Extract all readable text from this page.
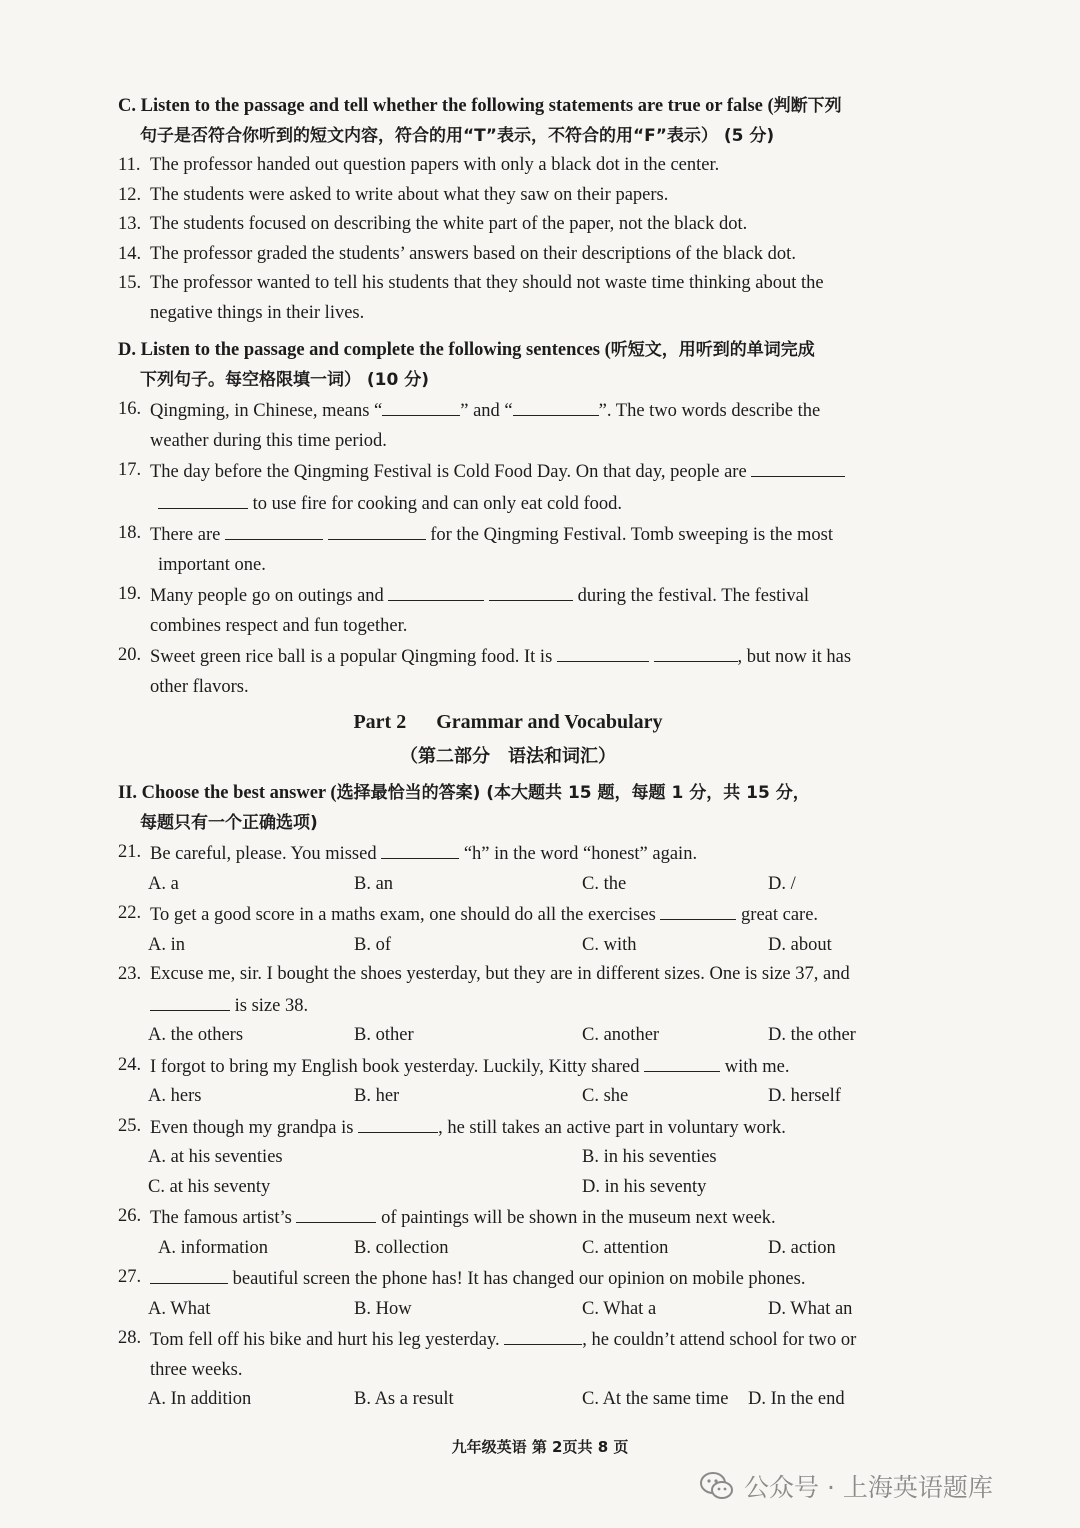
C. Listen to the passage and tell whether the following statements are true or false (判断下列
句子是否符合你听到的短文内容，符合的用“T”表示，不符合的用“F”表示） (5 分)
11. The professor handed out question papers with only a black dot in the center.
12. The students were asked to write about what they saw on their papers.
13. The students focused on describing the white part of the paper, not the black dot.
14. The professor graded the students’ answers based on their descriptions of the black dot.
15. The professor wanted to tell his students that they should not waste time thinking about the
negative things in their lives.
D. Listen to the passage and complete the following sentences (听短文，用听到的单词完成
下列句子。每空格限填一词） (10 分)
16. Qingming, in Chinese, means “	” and “	”. The two words describe the
weather during this time period.
17. The day before the Qingming Festival is Cold Food Day. On that day, people are
to use fire for cooking and can only eat cold food.
18. There are	for the Qingming Festival. Tomb sweeping is the most
important one.
19. Many people go on outings and	during the festival. The festival
combines respect and fun together.
20. Sweet green rice ball is a popular Qingming food. It is	, but now it has
other flavors.
Part 2 Grammar and Vocabulary
（第二部分　语法和词汇）
II. Choose the best answer (选择最恰当的答案) (本大题共 15 题，每题 1 分，共 15 分，
每题只有一个正确选项)
21. Be careful, please. You missed	“h” in the word “honest” again.
A. a	B. an	C. the	D. /
22. To get a good score in a maths exam, one should do all the exercises	great care.
A. in	B. of	C. with	D. about
23. Excuse me, sir. I bought the shoes yesterday, but they are in different sizes. One is size 37, and
is size 38.
A. the others	B. other	C. another	D. the other
24. I forgot to bring my English book yesterday. Luckily, Kitty shared	with me.
A. hers	B. her	C. she	D. herself
25. Even though my grandpa is	, he still takes an active part in voluntary work.
A. at his seventies	B. in his seventies
C. at his seventy	D. in his seventy
26. The famous artist’s	of paintings will be shown in the museum next week.
A. information	B. collection	C. attention	D. action
27.	beautiful screen the phone has! It has changed our opinion on mobile phones.
A. What	B. How	C. What a	D. What an
28. Tom fell off his bike and hurt his leg yesterday.	, he couldn’t attend school for two or
three weeks.
A. In addition	B. As a result	C. At the same time D. In the end
九年级英语 第 2页共 8 页
公众号 · 上海英语题库
